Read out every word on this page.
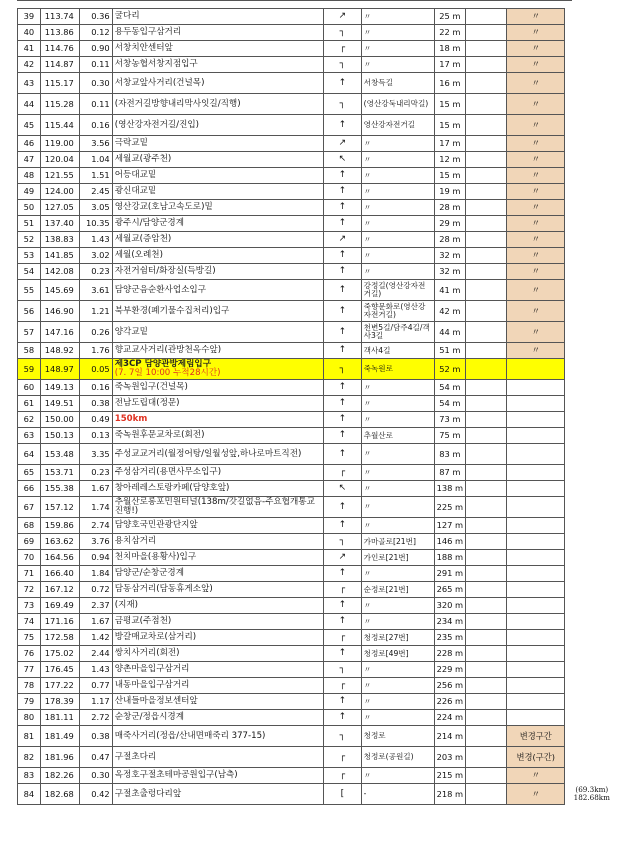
39	113.74	0.36	굴다리	↗	〃	25 m		〃	
40	113.86	0.12	용두동입구삼거리	┐	〃	22 m		〃	
41	114.76	0.90	서창치안센터앞	┌	〃	18 m		〃	
42	114.87	0.11	서창농협서창지점입구	┐	〃	17 m		〃	
43	115.17	0.30	서창교앞사거리(건널목)	↑	서창득길	16 m		〃	
44	115.28	0.11	(자전거길방향내리막사잇길/직행)	┐	(영산강둑내리막길)	15 m		〃	
45	115.44	0.16	(영산강자전거길/진입)	↑	영산강자전거길	15 m		〃	
46	119.00	3.56	극락교밑	↗	〃	17 m		〃	
47	120.04	1.04	세월교(광주천)	↖	〃	12 m		〃	
48	121.55	1.51	어등대교밑	↑	〃	15 m		〃	
49	124.00	2.45	광신대교밑	↑	〃	19 m		〃	
50	127.05	3.05	영산강교(호남고속도로)밑	↑	〃	28 m		〃	
51	137.40	10.35	광주시/담양군경계	↑	〃	29 m		〃	
52	138.83	1.43	세월교(증암천)	↗	〃	28 m		〃	
53	141.85	3.02	세월(오례천)	↑	〃	32 m		〃	
54	142.08	0.23	자전거쉼터/화장실(득방길)	↑	〃	32 m		〃	
55	145.69	3.61	담양군음순환사업소입구	↑	강정길(영산강자전거길)	41 m		〃	
56	146.90	1.21	북부환경(폐기물수집처리)입구	↑	죽향문화로(영산강자전거길)	42 m		〃	
57	147.16	0.26	양각교밑	↑	천변5길/담주4길/객사3길	44 m		〃	
58	148.92	1.76	향교교사거리(관방천옥수앞)	↑	객사4길	51 m		〃	
59	148.97	0.05	제3CP 담양관방제림입구
(7. 7일 10:00 누적28시간)	┐	죽녹원로	52 m			
60	149.13	0.16	죽녹원입구(건널목)	↑	〃	54 m			
61	149.51	0.38	전남도립대(정문)	↑	〃	54 m			
62	150.00	0.49	150km	↑	〃	73 m			
63	150.13	0.13	죽녹원후문교차로(회전)	↑	추월산로	75 m			
64	153.48	3.35	주성교교거리(월정어탕/일월성앞,하나로마트직전)	↑	〃	83 m			
65	153.71	0.23	주성삼거리(용면사무소입구)	┌	〃	87 m			
66	155.38	1.67	창아레레스토랑카페(담양호앞)	↖	〃	138 m			
67	157.12	1.74	추월산로롱포민원터널(138m/갓길없음-주요협개통교진행!)	↑	〃	225 m			
68	159.86	2.74	담양호국민관광단지앞	↑	〃	127 m			
69	163.62	3.76	용치삼거리	┐	가마골로[21번]	146 m			
70	164.56	0.94	천치마을(용황사)입구	↗	가인로[21번]	188 m			
71	166.40	1.84	담양군/순창군경계	↑	〃	291 m			
72	167.12	0.72	담동삼거리(담동휴게소앞)	┌	순정로[21번]	265 m			
73	169.49	2.37	(지재)	↑	〃	320 m			
74	171.16	1.67	금평교(주점천)	↑	〃	234 m			
75	172.58	1.42	방갈매교차로(삼거리)	┌	청정로[27번]	235 m			
76	175.02	2.44	쌍치사거리(회전)	↑	청정로[49번]	228 m			
77	176.45	1.43	양촌마을입구삼거리	┐	〃	229 m			
78	177.22	0.77	내동마을입구삼거리	┌	〃	256 m			
79	178.39	1.17	산내들마을정보센터앞	↑	〃	226 m			
80	181.11	2.72	순창군/정읍시경계	↑	〃	224 m			
81	181.49	0.38	매죽사거리(정읍/산내면매죽리 377-15)	┐	청정로	214 m		변경구간	
82	181.96	0.47	구절초다리	┌	청정로(공원길)	203 m		변경(구간)	
83	182.26	0.30	옥정호구절초테마공원입구(남측)	┌	〃	215 m		〃	
84	182.68	0.42	구절초출렁다리앞	[	-	218 m		〃	(69.3km) 182.68km
